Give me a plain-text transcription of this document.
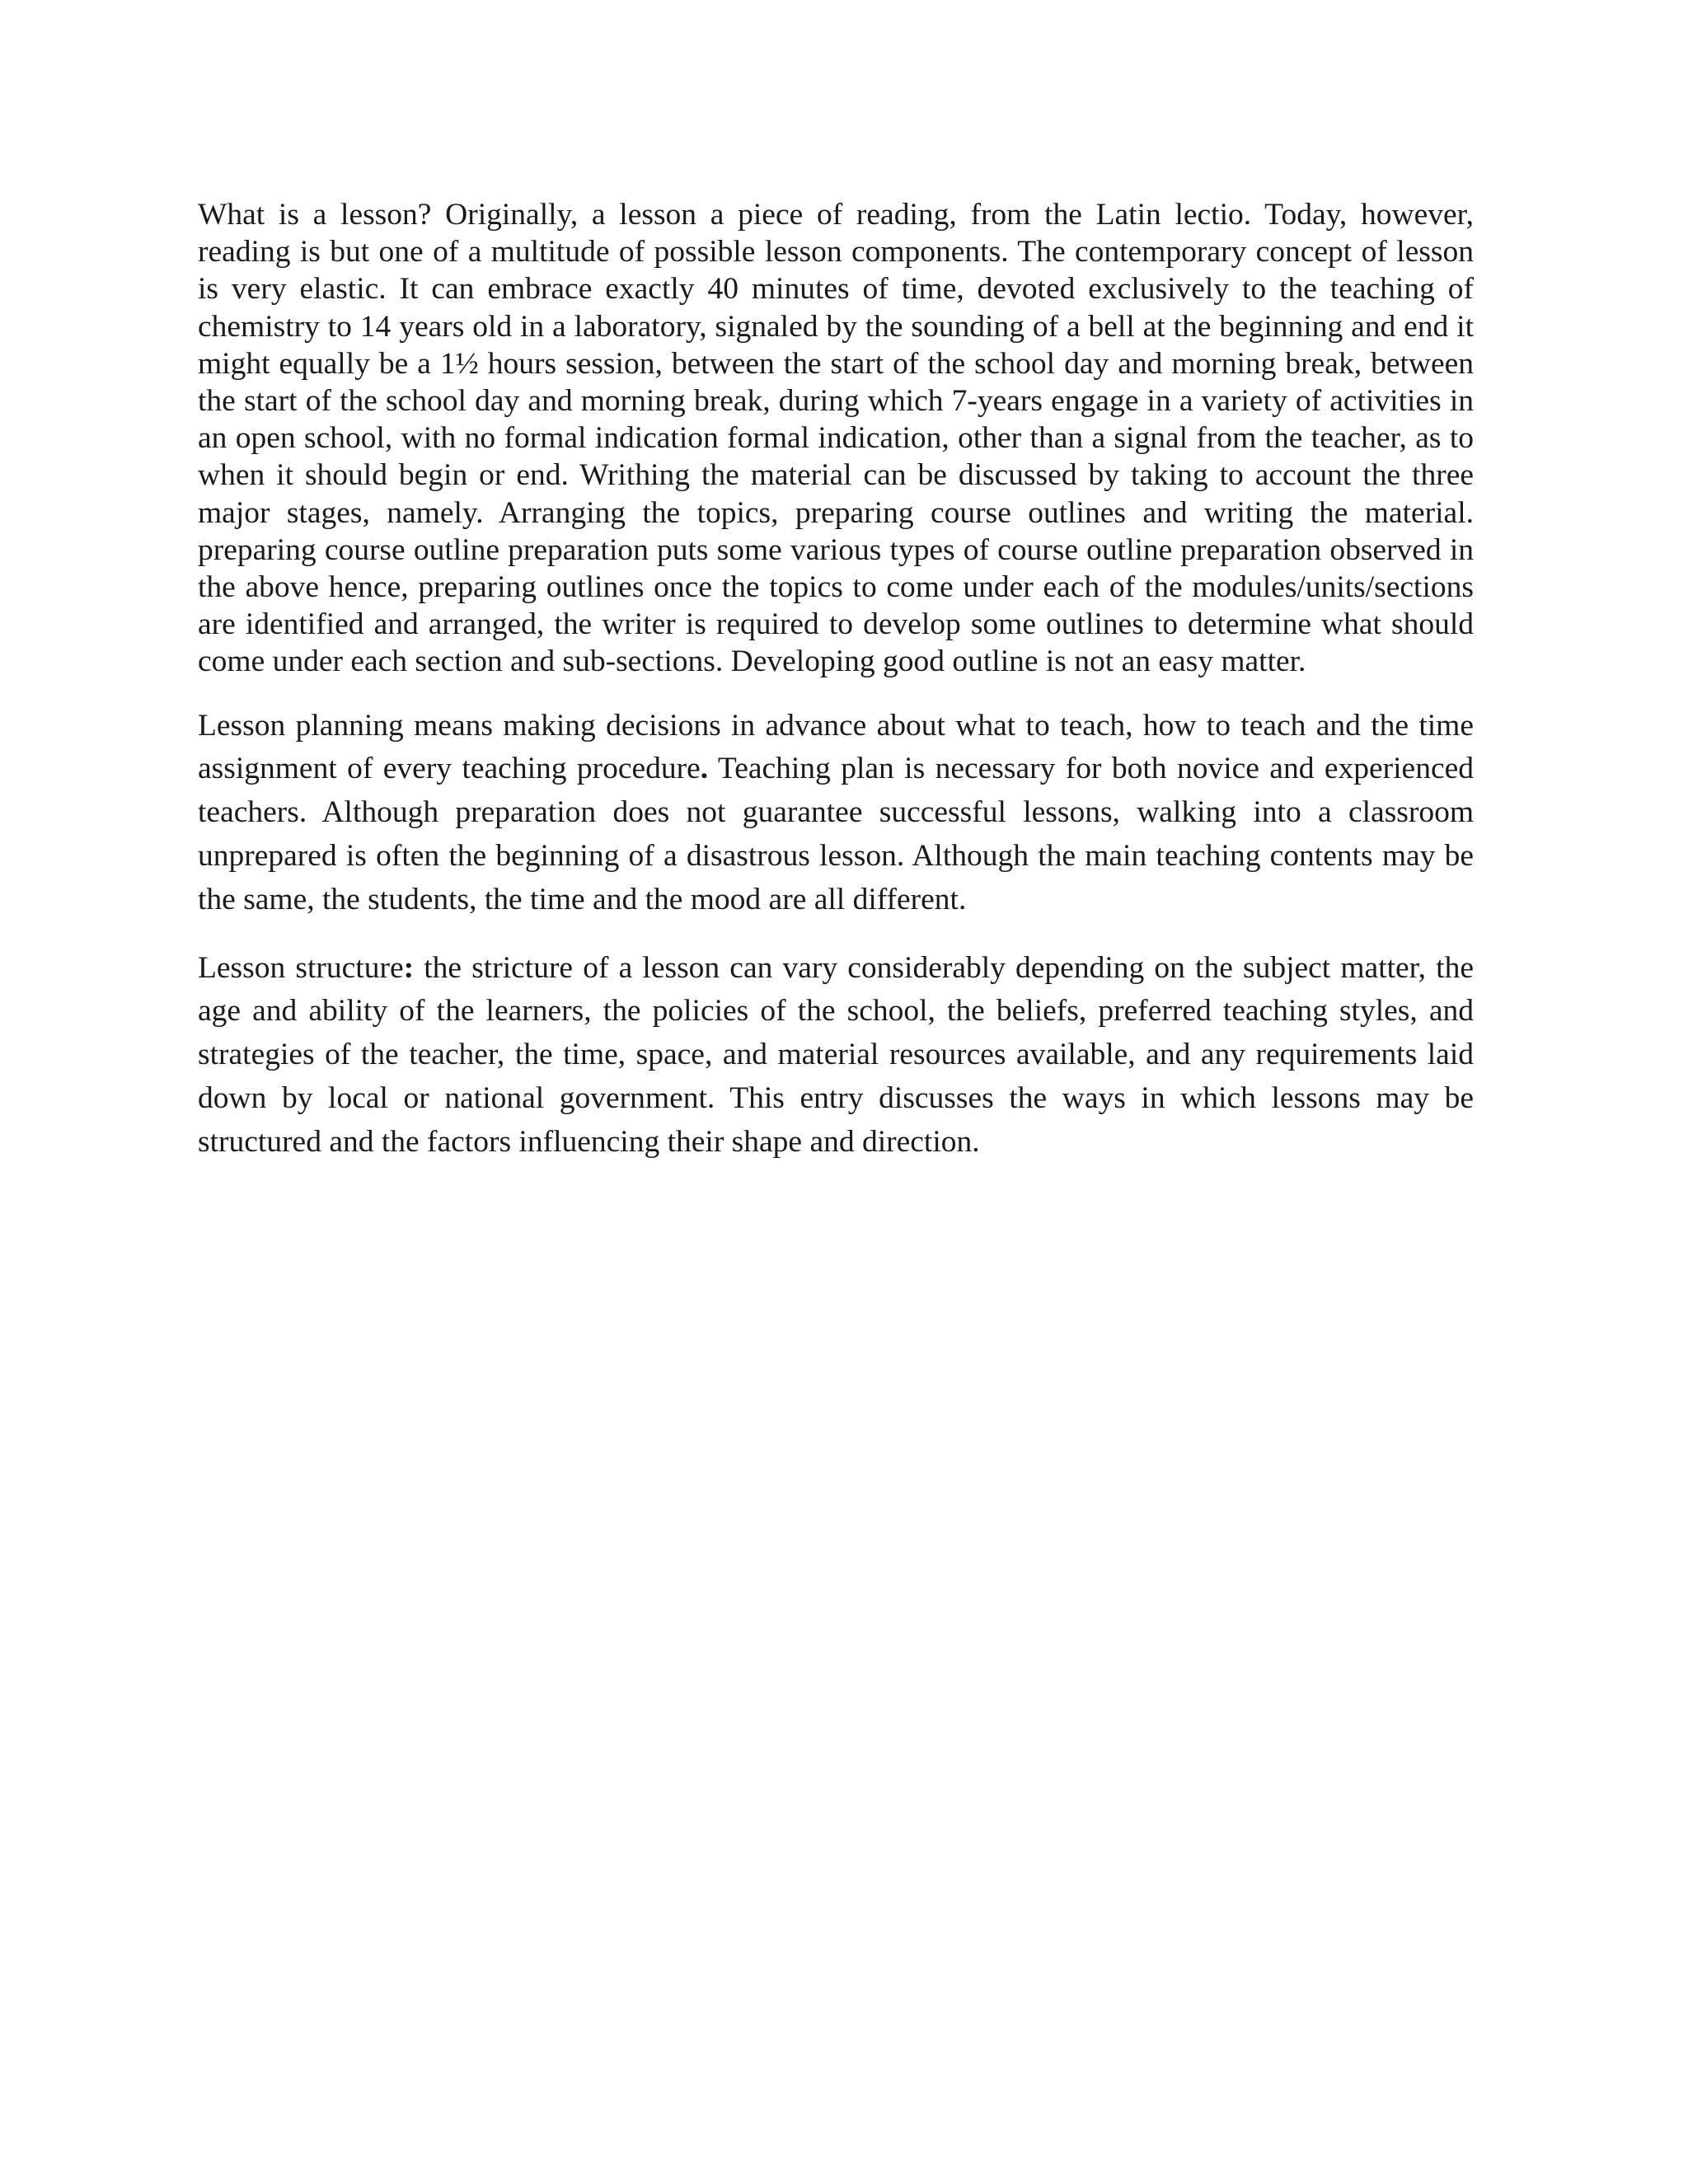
What is a lesson? Originally, a lesson a piece of reading, from the Latin lectio. Today, however, reading is but one of a multitude of possible lesson components. The contemporary concept of lesson is very elastic. It can embrace exactly 40 minutes of time, devoted exclusively to the teaching of chemistry to 14 years old in a laboratory, signaled by the sounding of a bell at the beginning and end it might equally be a 1½ hours session, between the start of the school day and morning break, between the start of the school day and morning break, during which 7-years engage in a variety of activities in an open school, with no formal indication formal indication, other than a signal from the teacher, as to when it should begin or end. Writhing the material can be discussed by taking to account the three major stages, namely. Arranging the topics, preparing course outlines and writing the material. preparing course outline preparation puts some various types of course outline preparation observed in the above hence, preparing outlines once the topics to come under each of the modules/units/sections are identified and arranged, the writer is required to develop some outlines to determine what should come under each section and sub-sections. Developing good outline is not an easy matter.

Lesson planning means making decisions in advance about what to teach, how to teach and the time assignment of every teaching procedure. Teaching plan is necessary for both novice and experienced teachers. Although preparation does not guarantee successful lessons, walking into a classroom unprepared is often the beginning of a disastrous lesson. Although the main teaching contents may be the same, the students, the time and the mood are all different.

Lesson structure: the stricture of a lesson can vary considerably depending on the subject matter, the age and ability of the learners, the policies of the school, the beliefs, preferred teaching styles, and strategies of the teacher, the time, space, and material resources available, and any requirements laid down by local or national government. This entry discusses the ways in which lessons may be structured and the factors influencing their shape and direction.
